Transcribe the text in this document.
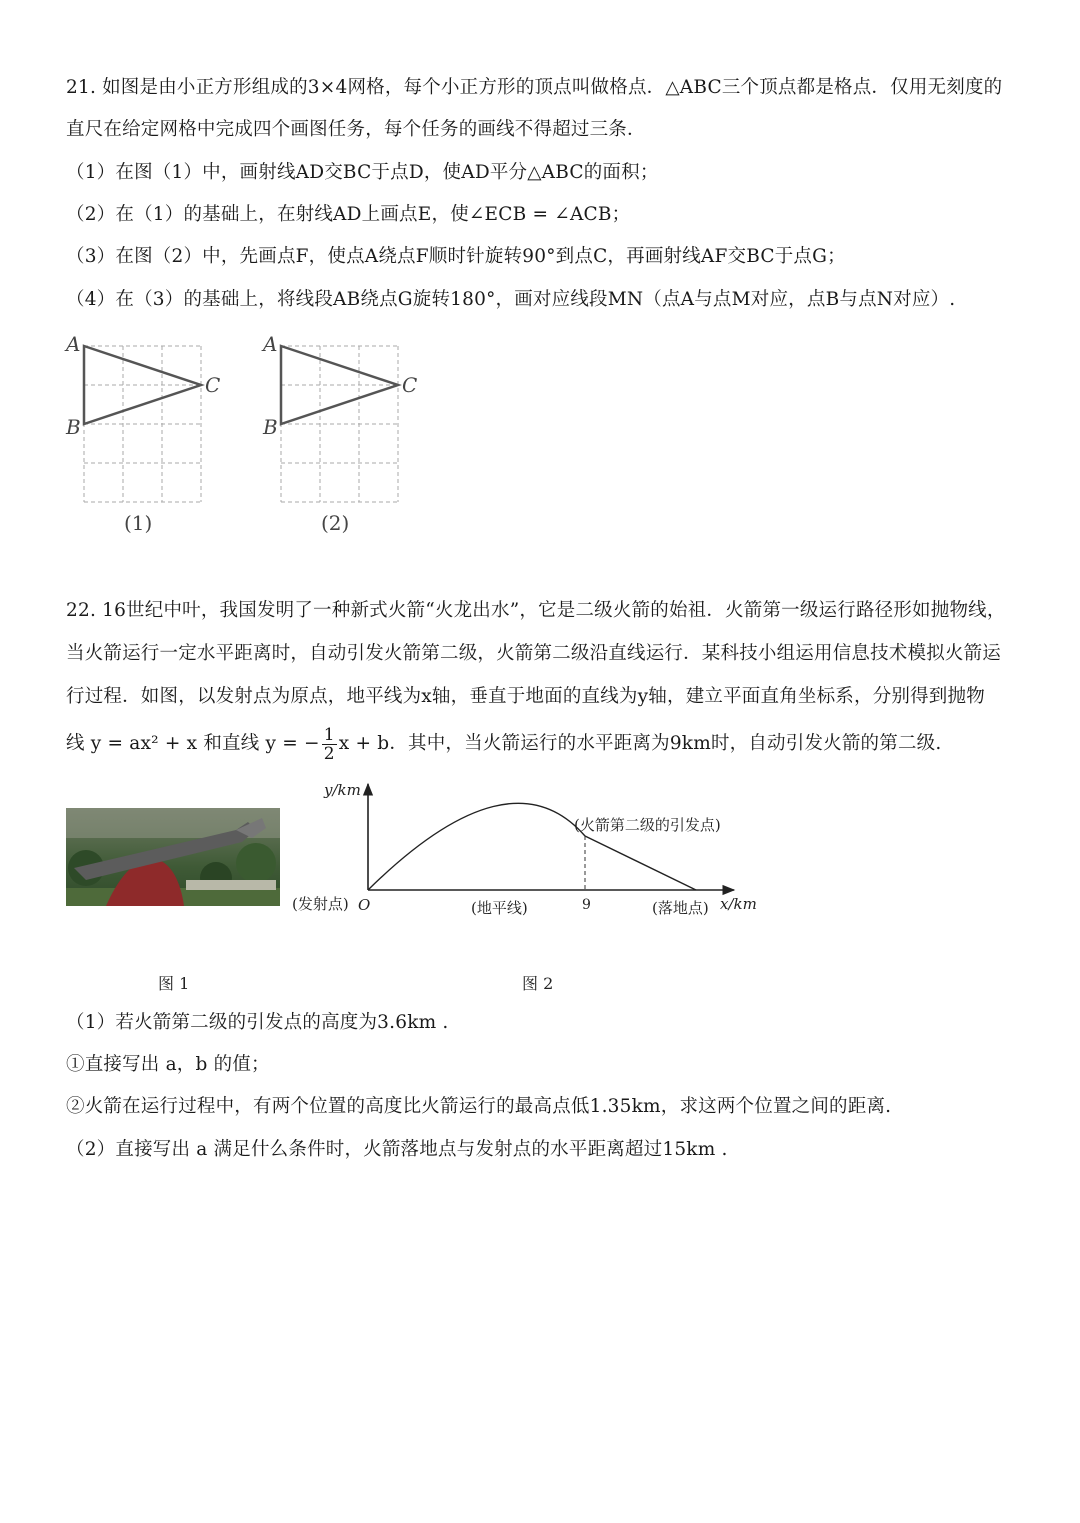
21. 如图是由小正方形组成的3×4网格，每个小正方形的顶点叫做格点．△ABC三个顶点都是格点．仅用无刻度的
直尺在给定网格中完成四个画图任务，每个任务的画线不得超过三条．
（1）在图（1）中，画射线AD交BC于点D，使AD平分△ABC的面积；
（2）在（1）的基础上，在射线AD上画点E，使∠ECB = ∠ACB；
（3）在图（2）中，先画点F，使点A绕点F顺时针旋转90°到点C，再画射线AF交BC于点G；
（4）在（3）的基础上，将线段AB绕点G旋转180°，画对应线段MN（点A与点M对应，点B与点N对应）.
A
C
B
(1)
A
C
B
(2)
22. 16世纪中叶，我国发明了一种新式火箭“火龙出水”，它是二级火箭的始祖．火箭第一级运行路径形如抛物线，
当火箭运行一定水平距离时，自动引发火箭第二级，火箭第二级沿直线运行．某科技小组运用信息技术模拟火箭运
行过程．如图，以发射点为原点，地平线为x轴，垂直于地面的直线为y轴，建立平面直角坐标系，分别得到抛物
线 y = ax² + x 和直线 y = − $\frac{1}{2}$ x + b．其中，当火箭运行的水平距离为9km时，自动引发火箭的第二级.
y/km
x/km
O
(发射点)	(地平线)	9	(落地点)
(火箭第二级的引发点)
图 1	图 2
（1）若火箭第二级的引发点的高度为3.6km .
①直接写出 a，b 的值；
②火箭在运行过程中，有两个位置的高度比火箭运行的最高点低1.35km，求这两个位置之间的距离.
（2）直接写出 a 满足什么条件时，火箭落地点与发射点的水平距离超过15km .
